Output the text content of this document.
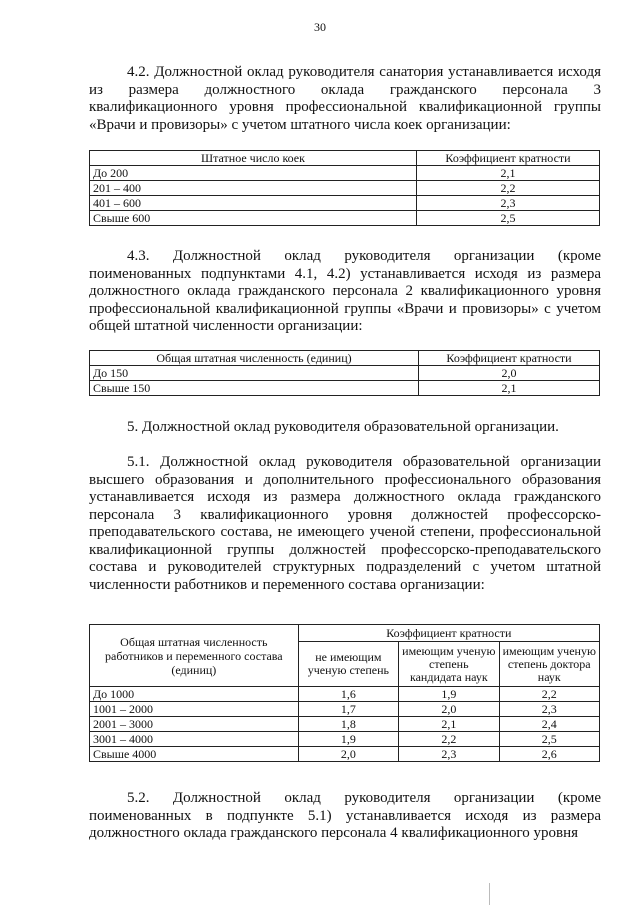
30

4.2. Должностной оклад руководителя санатория устанавливается исходя из размера должностного оклада гражданского персонала 3 квалификационного уровня профессиональной квалификационной группы «Врачи и провизоры» с учетом штатного числа коек организации:

Штатное число коек	Коэффициент кратности
До 200	2,1
201 – 400	2,2
401 – 600	2,3
Свыше 600	2,5

4.3. Должностной оклад руководителя организации (кроме поименованных подпунктами 4.1, 4.2) устанавливается исходя из размера должностного оклада гражданского персонала 2 квалификационного уровня профессиональной квалификационной группы «Врачи и провизоры» с учетом общей штатной численности организации:

Общая штатная численность (единиц)	Коэффициент кратности
До 150	2,0
Свыше 150	2,1

5. Должностной оклад руководителя образовательной организации.

5.1. Должностной оклад руководителя образовательной организации высшего образования и дополнительного профессионального образования устанавливается исходя из размера должностного оклада гражданского персонала 3 квалификационного уровня должностей профессорско-преподавательского состава, не имеющего ученой степени, профессиональной квалификационной группы должностей профессорско-преподавательского состава и руководителей структурных подразделений с учетом штатной численности работников и переменного состава организации:

Общая штатная численность работников и переменного состава (единиц)	Коэффициент кратности		
	не имеющим ученую степень	имеющим ученую степень кандидата наук	имеющим ученую степень доктора наук
До 1000	1,6	1,9	2,2
1001 – 2000	1,7	2,0	2,3
2001 – 3000	1,8	2,1	2,4
3001 – 4000	1,9	2,2	2,5
Свыше 4000	2,0	2,3	2,6

5.2. Должностной оклад руководителя организации (кроме поименованных в подпункте 5.1) устанавливается исходя из размера должностного оклада гражданского персонала 4 квалификационного уровня
